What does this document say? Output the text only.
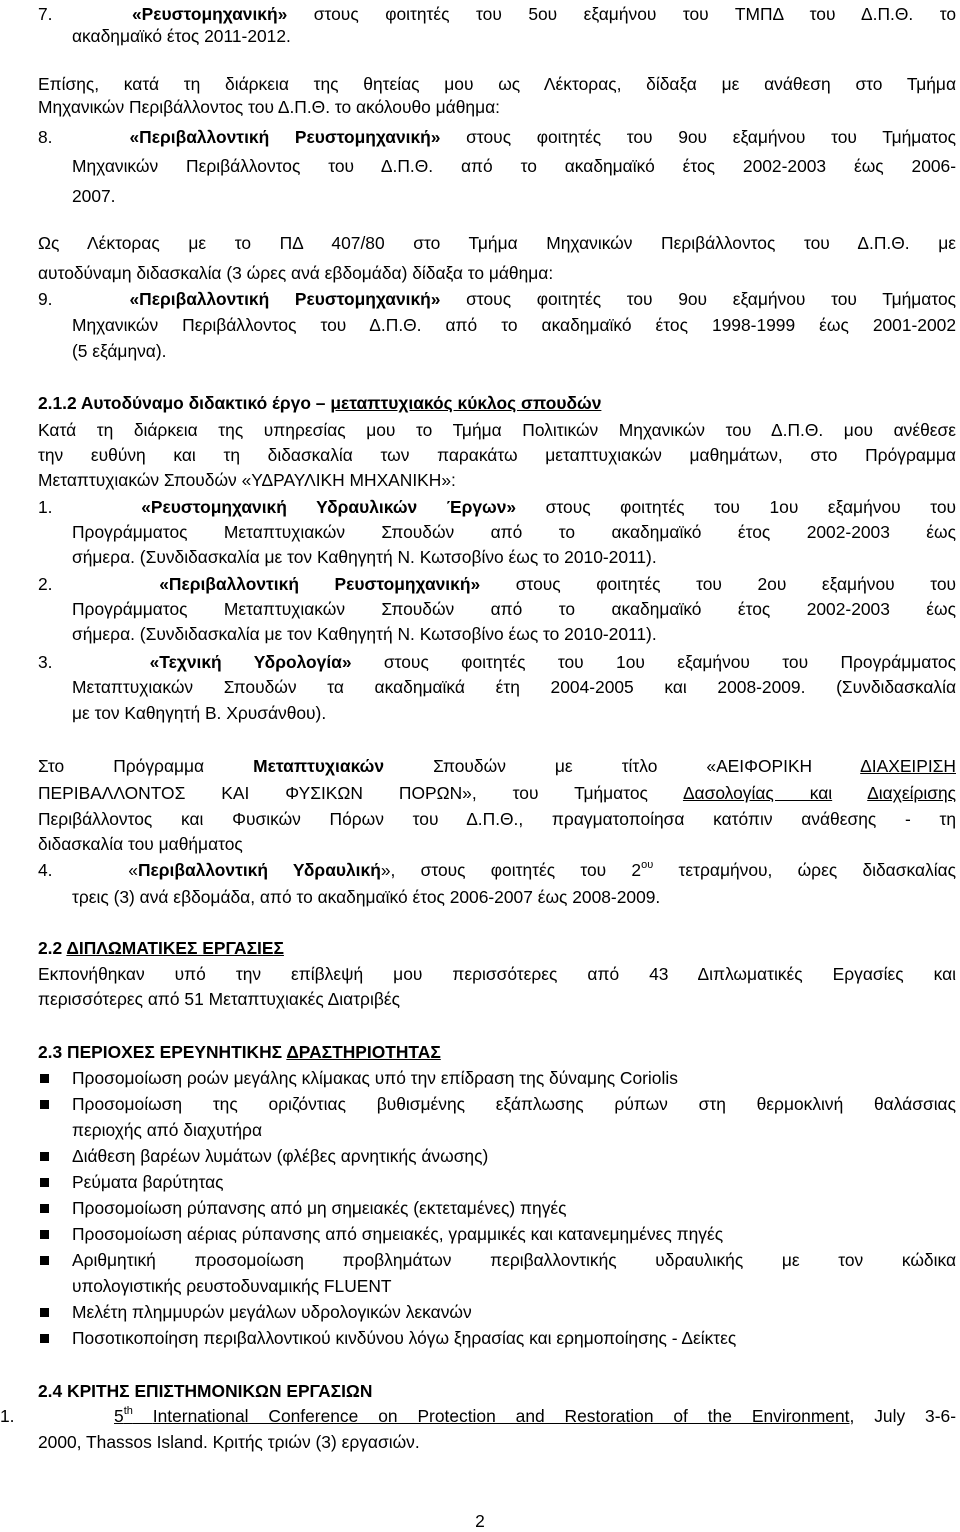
7.	«Ρευστομηχανική» στους φοιτητές του 5ου εξαμήνου του ΤΜΠΔ του Δ.Π.Θ. το
ακαδημαϊκό έτος 2011-2012.
Επίσης, κατά τη διάρκεια της θητείας μου ως Λέκτορας, δίδαξα με ανάθεση στο Τμήμα
Μηχανικών Περιβάλλοντος του Δ.Π.Θ. το ακόλουθο μάθημα:
8.	«Περιβαλλοντική Ρευστομηχανική» στους φοιτητές του 9ου εξαμήνου του Τμήματος
Μηχανικών Περιβάλλοντος του Δ.Π.Θ. από το ακαδημαϊκό έτος 2002-2003 έως 2006-
2007.
Ως Λέκτορας με το ΠΔ 407/80 στο Τμήμα Μηχανικών Περιβάλλοντος του Δ.Π.Θ. με
αυτοδύναμη διδασκαλία (3 ώρες ανά εβδομάδα) δίδαξα το μάθημα:
9.	«Περιβαλλοντική Ρευστομηχανική» στους φοιτητές του 9ου εξαμήνου του Τμήματος
Μηχανικών Περιβάλλοντος του Δ.Π.Θ. από το ακαδημαϊκό έτος 1998-1999 έως 2001-2002
(5 εξάμηνα).
2.1.2 Αυτοδύναμο διδακτικό έργο – μεταπτυχιακός κύκλος σπουδών
Κατά τη διάρκεια της υπηρεσίας μου το Τμήμα Πολιτικών Μηχανικών του Δ.Π.Θ. μου ανέθεσε
την ευθύνη και τη διδασκαλία των παρακάτω μεταπτυχιακών μαθημάτων, στο Πρόγραμμα
Μεταπτυχιακών Σπουδών «ΥΔΡΑΥΛΙΚΗ ΜΗΧΑΝΙΚΗ»:
1.	«Ρευστομηχανική Υδραυλικών Έργων» στους φοιτητές του 1ου εξαμήνου του
Προγράμματος Μεταπτυχιακών Σπουδών από το ακαδημαϊκό έτος 2002-2003 έως
σήμερα. (Συνδιδασκαλία με τον Καθηγητή Ν. Κωτσοβίνο έως το 2010-2011).
2.	«Περιβαλλοντική Ρευστομηχανική» στους φοιτητές του 2ου εξαμήνου του
Προγράμματος Μεταπτυχιακών Σπουδών από το ακαδημαϊκό έτος 2002-2003 έως
σήμερα. (Συνδιδασκαλία με τον Καθηγητή Ν. Κωτσοβίνο έως το 2010-2011).
3.	«Τεχνική Υδρολογία» στους φοιτητές του 1ου εξαμήνου του Προγράμματος
Μεταπτυχιακών Σπουδών τα ακαδημαϊκά έτη 2004-2005 και 2008-2009. (Συνδιδασκαλία
με τον Καθηγητή Β. Χρυσάνθου).
Στο Πρόγραμμα	Μεταπτυχιακών	Σπουδών με τίτλο «ΑΕΙΦΟΡΙΚΗ	ΔΙΑΧΕΙΡΙΣΗ
ΠΕΡΙΒΑΛΛΟΝΤΟΣ ΚΑΙ ΦΥΣΙΚΩΝ ΠΟΡΩΝ», του Τμήματος Δασολογίας και Διαχείρισης
Περιβάλλοντος και Φυσικών Πόρων του Δ.Π.Θ., πραγματοποίησα κατόπιν ανάθεσης - τη
διδασκαλία του μαθήματος
4.	«Περιβαλλοντική Υδραυλική», στους φοιτητές του $2^{o\upsilon}$ τετραμήνου, ώρες διδασκαλίας
τρεις (3) ανά εβδομάδα, από το ακαδημαϊκό έτος 2006-2007 έως 2008-2009.
2.2 ΔΙΠΛΩΜΑΤΙΚΕΣ ΕΡΓΑΣΙΕΣ
Εκπονήθηκαν υπό την επίβλεψή μου περισσότερες από 43 Διπλωματικές Εργασίες και
περισσότερες από 51 Μεταπτυχιακές Διατριβές
2.3 ΠΕΡΙΟΧΕΣ ΕΡΕΥΝΗΤΙΚΗΣ ΔΡΑΣΤΗΡΙΟΤΗΤΑΣ
Προσομοίωση ροών μεγάλης κλίμακας υπό την επίδραση της δύναμης Coriolis
Προσομοίωση της οριζόντιας βυθισμένης εξάπλωσης ρύπων στη θερμοκλινή θαλάσσιας
περιοχής από διαχυτήρα
Διάθεση βαρέων λυμάτων (φλέβες αρνητικής άνωσης)
Ρεύματα βαρύτητας
Προσομοίωση ρύπανσης από μη σημειακές (εκτεταμένες) πηγές
Προσομοίωση αέριας ρύπανσης από σημειακές, γραμμικές και κατανεμημένες πηγές
Αριθμητική προσομοίωση προβλημάτων περιβαλλοντικής υδραυλικής με τον κώδικα
υπολογιστικής ρευστοδυναμικής FLUENT
Μελέτη πλημμυρών μεγάλων υδρολογικών λεκανών
Ποσοτικοποίηση περιβαλλοντικού κινδύνου λόγω ξηρασίας και ερημοποίησης - Δείκτες
2.4 ΚΡΙΤΗΣ ΕΠΙΣΤΗΜΟΝΙΚΩΝ ΕΡΓΑΣΙΩΝ
1.	5th International Conference on Protection and Restoration of the Environment, July 3-6-
2000, Thassos Island. Κριτής τριών (3) εργασιών.
2
